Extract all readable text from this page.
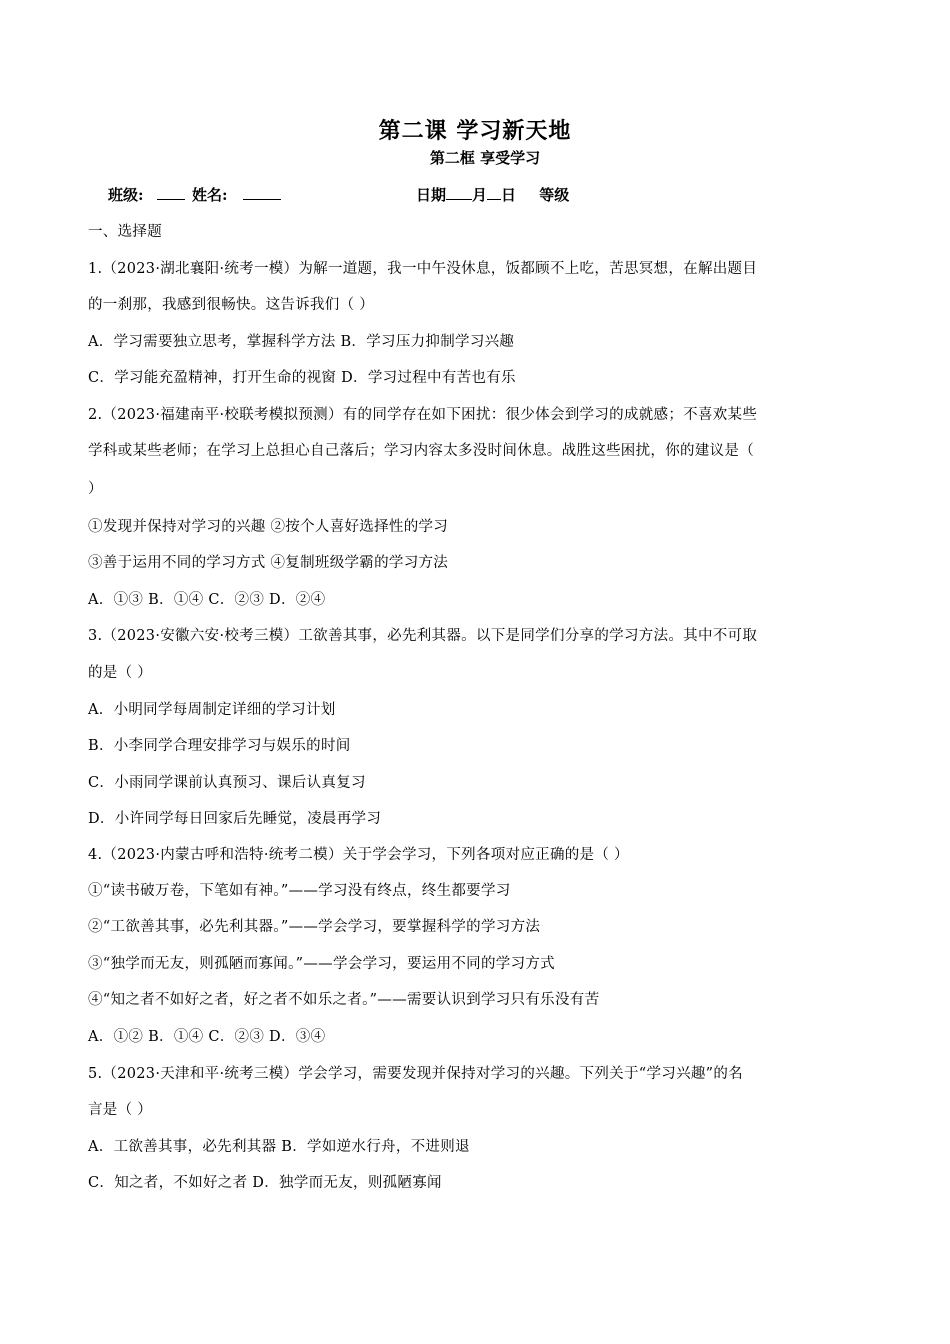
第二课 学习新天地
第二框 享受学习
班级:	姓名:	日期 月 日 等级
一、选择题
1.（2023·湖北襄阳·统考一模）为解一道题，我一中午没休息，饭都顾不上吃，苦思冥想，在解出题目
的一刹那，我感到很畅快。这告诉我们（ ）
A．学习需要独立思考，掌握科学方法 B．学习压力抑制学习兴趣
C．学习能充盈精神，打开生命的视窗 D．学习过程中有苦也有乐
2.（2023·福建南平·校联考模拟预测）有的同学存在如下困扰：很少体会到学习的成就感；不喜欢某些
学科或某些老师；在学习上总担心自己落后；学习内容太多没时间休息。战胜这些困扰，你的建议是（
）
①发现并保持对学习的兴趣 ②按个人喜好选择性的学习
③善于运用不同的学习方式 ④复制班级学霸的学习方法
A．①③ B．①④ C．②③ D．②④
3.（2023·安徽六安·校考三模）工欲善其事，必先利其器。以下是同学们分享的学习方法。其中不可取
的是（ ）
A．小明同学每周制定详细的学习计划
B．小李同学合理安排学习与娱乐的时间
C．小雨同学课前认真预习、课后认真复习
D．小许同学每日回家后先睡觉，凌晨再学习
4.（2023·内蒙古呼和浩特·统考二模）关于学会学习，下列各项对应正确的是（ ）
①“读书破万卷，下笔如有神。”——学习没有终点，终生都要学习
②“工欲善其事，必先利其器。”——学会学习，要掌握科学的学习方法
③“独学而无友，则孤陋而寡闻。”——学会学习，要运用不同的学习方式
④“知之者不如好之者，好之者不如乐之者。”——需要认识到学习只有乐没有苦
A．①② B．①④ C．②③ D．③④
5.（2023·天津和平·统考三模）学会学习，需要发现并保持对学习的兴趣。下列关于“学习兴趣”的名
言是（ ）
A．工欲善其事，必先利其器 B．学如逆水行舟，不进则退
C．知之者，不如好之者 D．独学而无友，则孤陋寡闻
